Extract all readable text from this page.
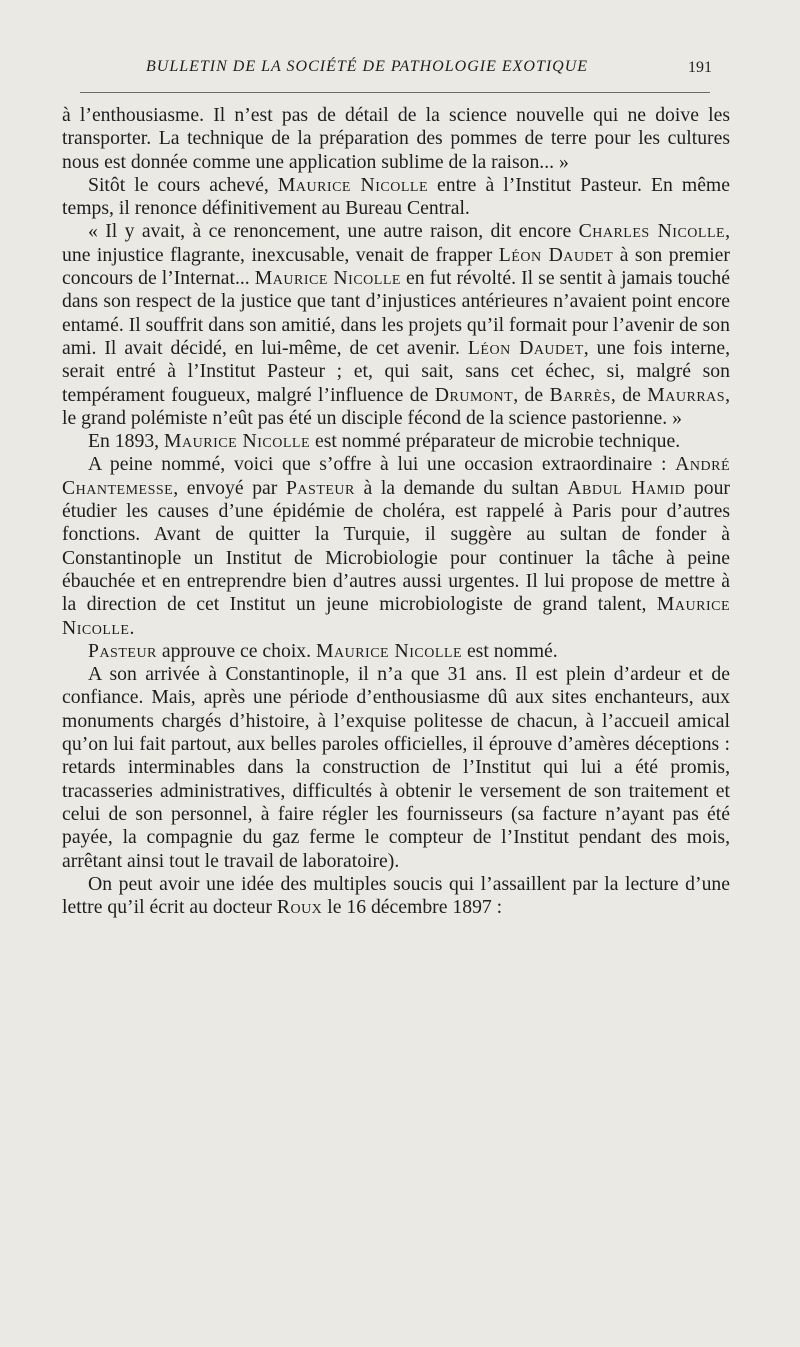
BULLETIN DE LA SOCIÉTÉ DE PATHOLOGIE EXOTIQUE	191

à l’enthousiasme. Il n’est pas de détail de la science nouvelle qui ne doive les transporter. La technique de la préparation des pommes de terre pour les cultures nous est donnée comme une application sublime de la raison... »

Sitôt le cours achevé, Maurice Nicolle entre à l’Institut Pasteur. En même temps, il renonce définitivement au Bureau Central.

« Il y avait, à ce renoncement, une autre raison, dit encore Charles Nicolle, une injustice flagrante, inexcusable, venait de frapper Léon Daudet à son premier concours de l’Internat... Maurice Nicolle en fut révolté. Il se sentit à jamais touché dans son respect de la justice que tant d’injustices antérieures n’avaient point encore entamé. Il souffrit dans son amitié, dans les projets qu’il formait pour l’avenir de son ami. Il avait décidé, en lui-même, de cet avenir. Léon Daudet, une fois interne, serait entré à l’Institut Pasteur ; et, qui sait, sans cet échec, si, malgré son tempérament fougueux, malgré l’influence de Drumont, de Barrès, de Maurras, le grand polémiste n’eût pas été un disciple fécond de la science pastorienne. »

En 1893, Maurice Nicolle est nommé préparateur de microbie technique.

A peine nommé, voici que s’offre à lui une occasion extraordinaire : André Chantemesse, envoyé par Pasteur à la demande du sultan Abdul Hamid pour étudier les causes d’une épidémie de choléra, est rappelé à Paris pour d’autres fonctions. Avant de quitter la Turquie, il suggère au sultan de fonder à Constantinople un Institut de Microbiologie pour continuer la tâche à peine ébauchée et en entreprendre bien d’autres aussi urgentes. Il lui propose de mettre à la direction de cet Institut un jeune microbiologiste de grand talent, Maurice Nicolle.

Pasteur approuve ce choix. Maurice Nicolle est nommé.

A son arrivée à Constantinople, il n’a que 31 ans. Il est plein d’ardeur et de confiance. Mais, après une période d’enthousiasme dû aux sites enchanteurs, aux monuments chargés d’histoire, à l’exquise politesse de chacun, à l’accueil amical qu’on lui fait partout, aux belles paroles officielles, il éprouve d’amères déceptions : retards interminables dans la construction de l’Institut qui lui a été promis, tracasseries administratives, difficultés à obtenir le versement de son traitement et celui de son personnel, à faire régler les fournisseurs (sa facture n’ayant pas été payée, la compagnie du gaz ferme le compteur de l’Institut pendant des mois, arrêtant ainsi tout le travail de laboratoire).

On peut avoir une idée des multiples soucis qui l’assaillent par la lecture d’une lettre qu’il écrit au docteur Roux le 16 décembre 1897 :
